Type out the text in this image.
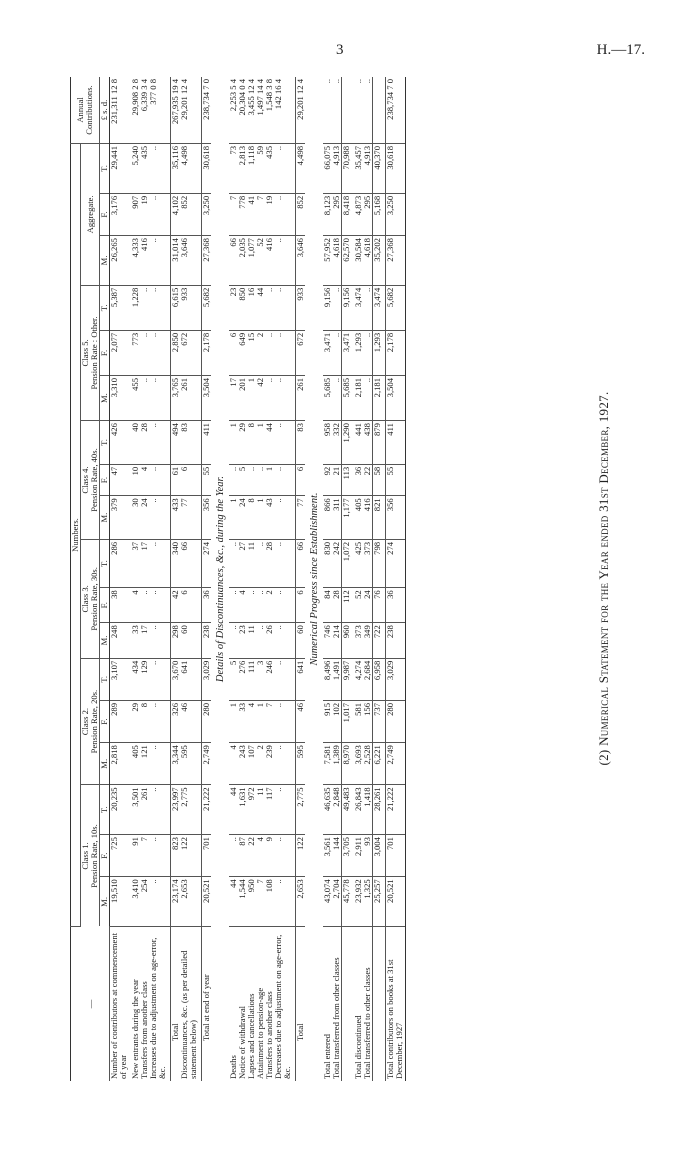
3	H.—17.
(2) Numerical Statement for the Year ended 31st December, 1927.
—	Numbers.																		Annual Contributions.

	Class 1. Pension Rate, 10s.			Class 2. Pension Rate, 20s.			Class 3. Pension Rate, 30s.			Class 4. Pension Rate, 40s.			Class 5. Pension Rate : Other.			Aggregate.			

	M.	F.	T.	M.	F.	T.	M.	F.	T.	M.	F.	T.	M.	F.	T.	M.	F.	T.	£ s. d.
Number of contributors at commencement of year	19,510	725	20,235	2,818	289	3,107	248	38	286	379	47	426	3,310	2,077	5,387	26,265	3,176	29,441	231,311 12 8

New entrants during the year	3,410	91	3,501	405	29	434	33	4	37	30	10	40	455	773	1,228	4,333	907	5,240	29,908 2 8
Transfers from another class	254	7	261	121	8	129	17	..	17	24	4	28	..	..	..	416	19	435	6,339 3 4
Increases due to adjustment on age-error, &c.	..	..	..	..	..	..	..	..	..	..	..	..	..	..	..	..	..	..	377 0 8

Total	23,174	823	23,997	3,344	326	3,670	298	42	340	433	61	494	3,765	2,850	6,615	31,014	4,102	35,116	267,935 19 4
Discontinuances, &c. (as per detailed statement below)	2,653	122	2,775	595	46	641	60	6	66	77	6	83	261	672	933	3,646	852	4,498	29,201 12 4

Total at end of year	20,521	701	21,222	2,749	280	3,029	238	36	274	356	55	411	3,504	2,178	5,682	27,368	3,250	30,618	238,734 7 0
Details of Discontinuances, &c., during the Year.																			
Deaths	44	..	44	4	1	5	..	..	..	1	..	1	17	6	23	66	7	73	2,253 5 4
Notice of withdrawal	1,544	87	1,631	243	33	276	23	4	27	24	5	29	201	649	850	2,035	778	2,813	20,304 0 4
Lapses and cancellations	950	22	972	107	4	111	11	..	11	8	..	8	1	15	16	1,077	41	1,118	3,455 12 4
Attainment to pension-age	7	4	11	2	1	3	..	..	..	1	..	1	42	2	44	52	7	59	1,497 14 4
Transfers to another class	108	9	117	239	7	246	26	2	28	43	1	44	..	..	..	416	19	435	1,548 3 8
Decreases due to adjustment on age-error, &c.	..	..	..	..	..	..	..	..	..	..	..	..	..	..	..	..	..	..	142 16 4

Total	2,653	122	2,775	595	46	641	60	6	66	77	6	83	261	672	933	3,646	852	4,498	29,201 12 4
Numerical Progress since Establishment.																			
Total entered	43,074	3,561	46,635	7,581	915	8,496	746	84	830	866	92	958	5,685	3,471	9,156	57,952	8,123	66,075	..
Total transferred from other classes	2,704	144	2,848	1,389	102	1,491	214	28	242	311	21	332	..	..	..	4,618	295	4,913	..
	45,778	3,705	49,483	8,970	1,017	9,987	960	112	1,072	1,177	113	1,290	5,685	3,471	9,156	62,570	8,418	70,988	

Total discontinued	23,932	2,911	26,843	3,693	581	4,274	373	52	425	405	36	441	2,181	1,293	3,474	30,584	4,873	35,457	..
Total transferred to other classes	1,325	93	1,418	2,528	156	2,684	349	24	373	416	22	438	..	..	..	4,618	295	4,913	..
	25,257	3,004	28,261	6,221	737	6,958	722	76	798	821	58	879	2,181	1,293	3,474	35,202	5,168	40,370	

Total contributors on books at 31st December, 1927	20,521	701	21,222	2,749	280	3,029	238	36	274	356	55	411	3,504	2,178	5,682	27,368	3,250	30,618	238,734 7 0
